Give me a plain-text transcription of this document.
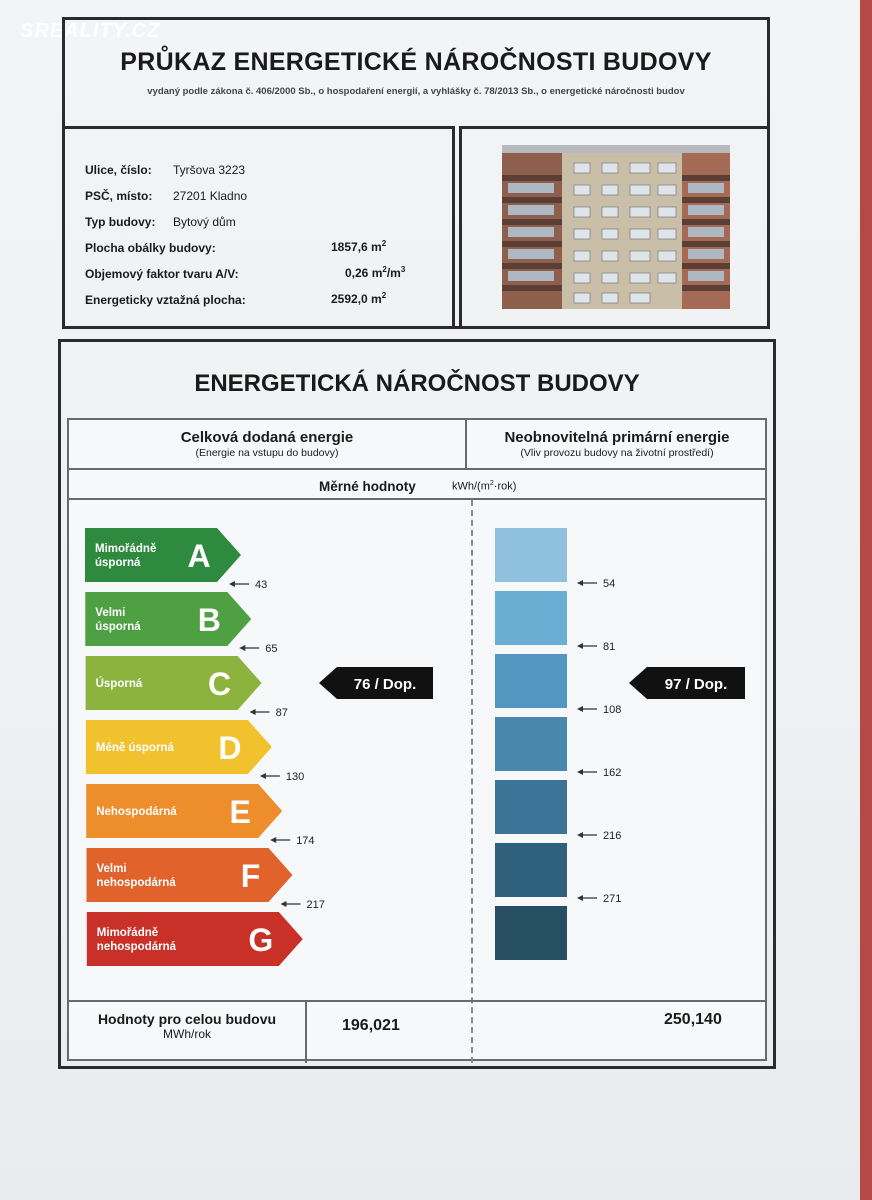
SREALITY.CZ
PRŮKAZ ENERGETICKÉ NÁROČNOSTI BUDOVY
vydaný podle zákona č. 406/2000 Sb., o hospodaření energií, a vyhlášky č. 78/2013 Sb., o energetické náročnosti budov
Ulice, číslo: Tyršova 3223
PSČ, místo: 27201 Kladno
Typ budovy: Bytový dům
Plocha obálky budovy:	1857,6 $m^2$
Objemový faktor tvaru A/V:	0,26 $m^2/m^3$
Energeticky vztažná plocha:	2592,0 $m^2$
ENERGETICKÁ NÁROČNOST BUDOVY
Celková dodaná energie
(Energie na vstupu do budovy)
Neobnovitelná primární energie
(Vliv provozu budovy na životní prostředí)
Měrné hodnoty	kWh/$(m^2\cdot rok)$
A
Mimořádně
úsporná
43
B
Velmi
úsporná
65
C
Úsporná
87
D
Méně úsporná
130
E
Nehospodárná
174
F
Velmi
nehospodárná
217
G
Mimořádně
nehospodárná
54
81
108
162
216
271
76 / Dop.	97 / Dop.
Hodnoty pro celou budovu
MWh/rok	196,021	250,140
